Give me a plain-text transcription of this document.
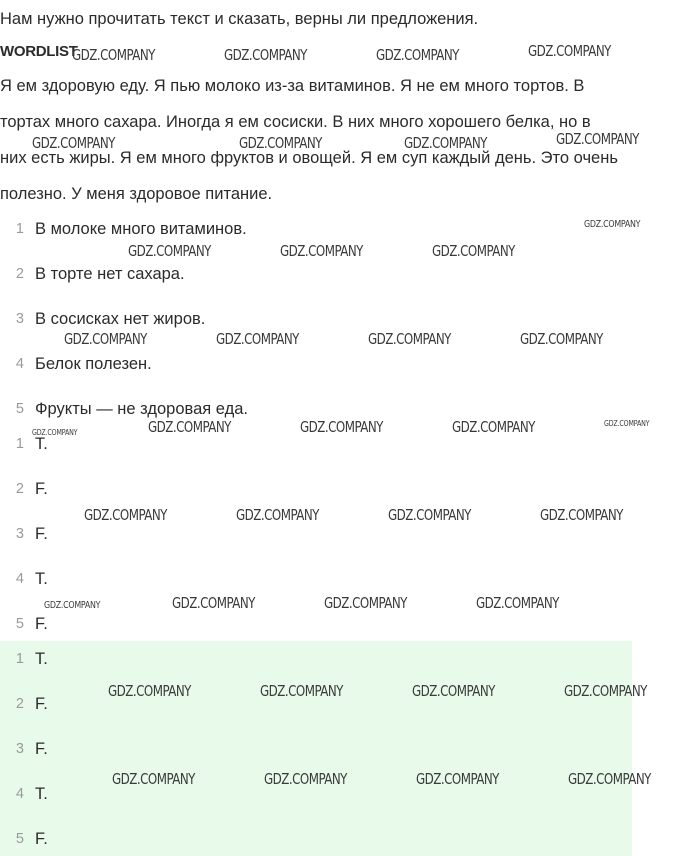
Нам нужно прочитать текст и сказать, верны ли предложения.
WORDLIST
Я ем здоровую еду. Я пью молоко из-за витаминов. Я не ем много тортов. В
тортах много сахара. Иногда я ем сосиски. В них много хорошего белка, но в
них есть жиры. Я ем много фруктов и овощей. Я ем суп каждый день. Это очень
полезно. У меня здоровое питание.
1 В молоке много витаминов.
2 В торте нет сахара.
3 В сосисках нет жиров.
4 Белок полезен.
5 Фрукты — не здоровая еда.
1 T.
2 F.
3 F.
4 T.
5 F.
1 T.
2 F.
3 F.
4 T.
5 F.
GDZ.COMPANY	GDZ.COMPANY	GDZ.COMPANY	GDZ.COMPANY
GDZ.COMPANY	GDZ.COMPANY	GDZ.COMPANY	GDZ.COMPANY
GDZ.COMPANY
GDZ.COMPANY	GDZ.COMPANY	GDZ.COMPANY
GDZ.COMPANY	GDZ.COMPANY	GDZ.COMPANY	GDZ.COMPANY
GDZ.COMPANY	GDZ.COMPANY	GDZ.COMPANY	GDZ.COMPANY	GDZ.COMPANY
GDZ.COMPANY	GDZ.COMPANY	GDZ.COMPANY	GDZ.COMPANY
GDZ.COMPANY	GDZ.COMPANY	GDZ.COMPANY	GDZ.COMPANY
GDZ.COMPANY	GDZ.COMPANY	GDZ.COMPANY	GDZ.COMPANY
GDZ.COMPANY	GDZ.COMPANY	GDZ.COMPANY	GDZ.COMPANY
